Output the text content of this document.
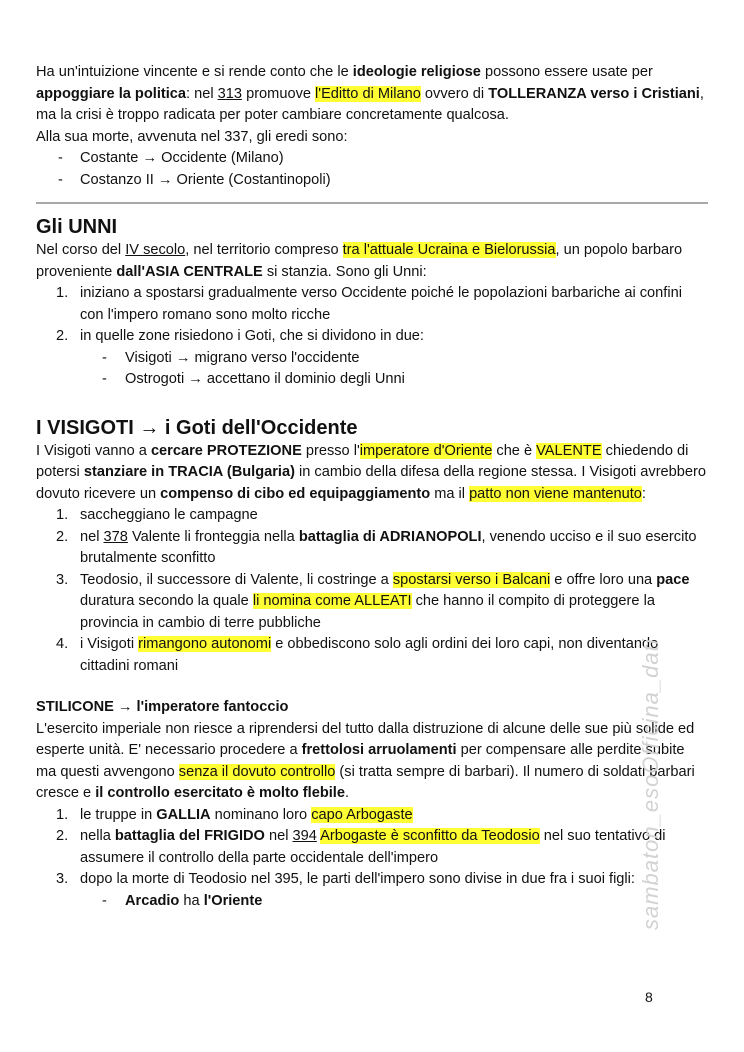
Ha un'intuizione vincente e si rende conto che le ideologie religiose possono essere usate per appoggiare la politica: nel 313 promuove l'Editto di Milano ovvero di TOLLERANZA verso i Cristiani, ma la crisi è troppo radicata per poter cambiare concretamente qualcosa.
Alla sua morte, avvenuta nel 337, gli eredi sono:

- Costante → Occidente (Milano)
- Costanzo II → Oriente (Costantinopoli)
Gli UNNI

Nel corso del IV secolo, nel territorio compreso tra l'attuale Ucraina e Bielorussia, un popolo barbaro proveniente dall'ASIA CENTRALE si stanzia. Sono gli Unni:

1. iniziano a spostarsi gradualmente verso Occidente poiché le popolazioni barbariche ai confini con l'impero romano sono molto ricche
2. in quelle zone risiedono i Goti, che si dividono in due:
- Visigoti → migrano verso l'occidente
- Ostrogoti → accettano il dominio degli Unni
I VISIGOTI → i Goti dell'Occidente

I Visigoti vanno a cercare PROTEZIONE presso l'imperatore d'Oriente che è VALENTE chiedendo di potersi stanziare in TRACIA (Bulgaria) in cambio della difesa della regione stessa. I Visigoti avrebbero dovuto ricevere un compenso di cibo ed equipaggiamento ma il patto non viene mantenuto:

1. saccheggiano le campagne
2. nel 378 Valente li fronteggia nella battaglia di ADRIANOPOLI, venendo ucciso e il suo esercito brutalmente sconfitto
3. Teodosio, il successore di Valente, li costringe a spostarsi verso i Balcani e offre loro una pace duratura secondo la quale li nomina come ALLEATI che hanno il compito di proteggere la provincia in cambio di terre pubbliche
4. i Visigoti rimangono autonomi e obbediscono solo agli ordini dei loro capi, non diventando cittadini romani

STILICONE → l'imperatore fantoccio

L'esercito imperiale non riesce a riprendersi del tutto dalla distruzione di alcune delle sue più solide ed esperte unità. E' necessario procedere a frettolosi arruolamenti per compensare alle perdite subite ma questi avvengono senza il dovuto controllo (si tratta sempre di barbari). Il numero di soldati barbari cresce e il controllo esercitato è molto flebile.

1. le truppe in GALLIA nominano loro capo Arbogaste
2. nella battaglia del FRIGIDO nel 394 Arbogaste è sconfitto da Teodosio nel suo tentativo di assumere il controllo della parte occidentale dell'impero
3. dopo la morte di Teodosio nel 395, le parti dell'impero sono divise in due fra i suoi figli:
- Arcadio ha l'Oriente	sambaton_esoOfficina_dati
8
